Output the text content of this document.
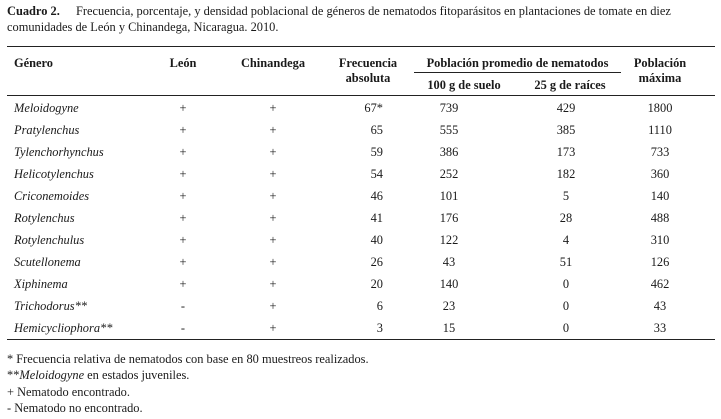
Cuadro 2. Frecuencia, porcentaje, y densidad poblacional de géneros de nematodos fitoparásitos en plantaciones de tomate en diez
comunidades de León y Chinandega, Nicaragua. 2010.
Género	León	Chinandega	Frecuencia
absoluta
Población promedio de nematodos
100 g de suelo	25 g de raíces
Población
máxima
Meloidogyne	+	+	67*	739	429	1800
Pratylenchus	+	+	65	555	385	1110
Tylenchorhynchus	+	+	59	386	173	733
Helicotylenchus	+	+	54	252	182	360
Criconemoides	+	+	46	101	5	140
Rotylenchus	+	+	41	176	28	488
Rotylenchulus	+	+	40	122	4	310
Scutellonema	+	+	26	43	51	126
Xiphinema	+	+	20	140	0	462
Trichodorus**	-	+	6	23	0	43
Hemicycliophora**	-	+	3	15	0	33
* Frecuencia relativa de nematodos con base en 80 muestreos realizados.
**Meloidogyne en estados juveniles.
+ Nematodo encontrado.
- Nematodo no encontrado.
